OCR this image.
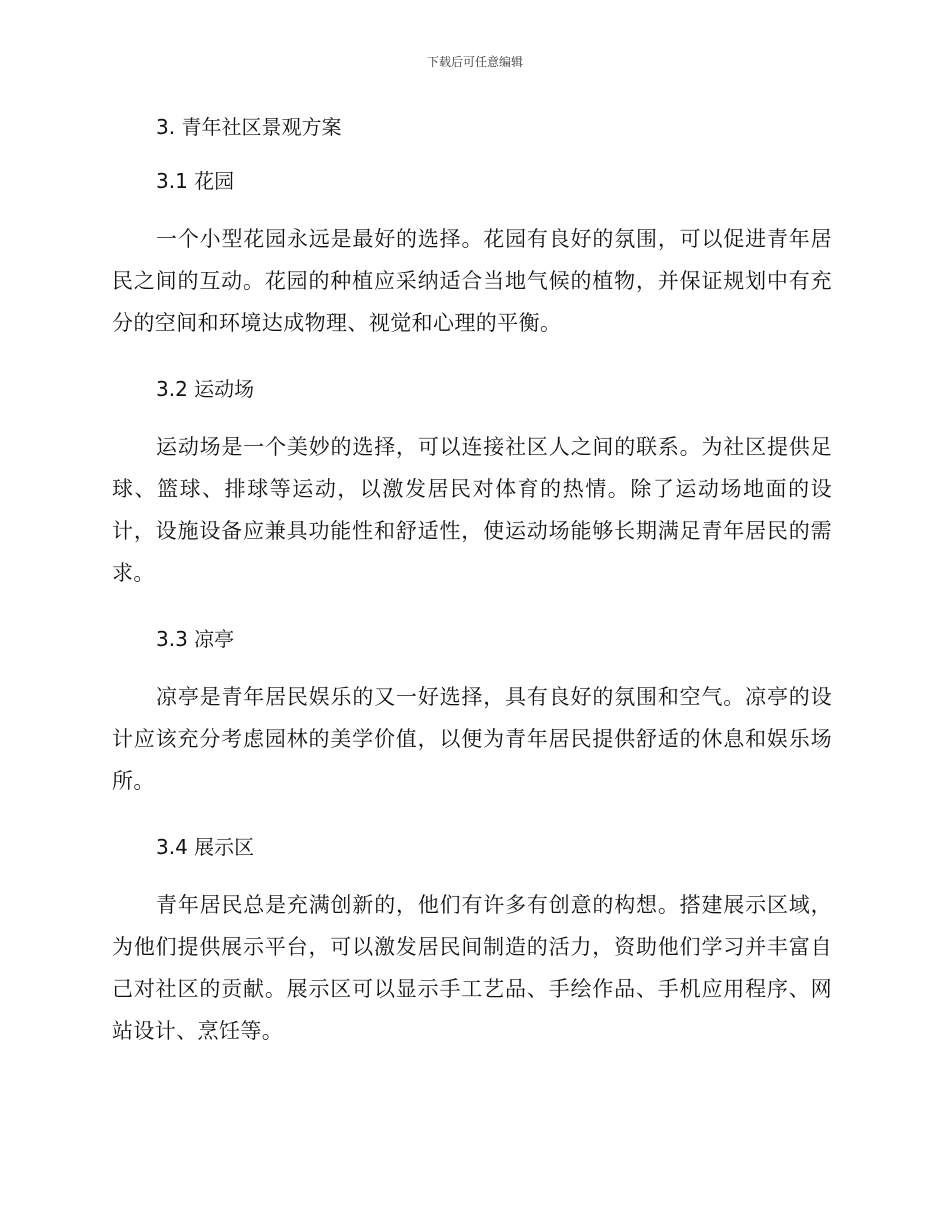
下载后可任意编辑
3. 青年社区景观方案
3.1 花园

一个小型花园永远是最好的选择。花园有良好的氛围，可以促进青年居民之间的互动。花园的种植应采纳适合当地气候的植物，并保证规划中有充分的空间和环境达成物理、视觉和心理的平衡。

3.2 运动场

运动场是一个美妙的选择，可以连接社区人之间的联系。为社区提供足球、篮球、排球等运动，以激发居民对体育的热情。除了运动场地面的设计，设施设备应兼具功能性和舒适性，使运动场能够长期满足青年居民的需求。

3.3 凉亭

凉亭是青年居民娱乐的又一好选择，具有良好的氛围和空气。凉亭的设计应该充分考虑园林的美学价值，以便为青年居民提供舒适的休息和娱乐场所。

3.4 展示区

青年居民总是充满创新的，他们有许多有创意的构想。搭建展示区域，为他们提供展示平台，可以激发居民间制造的活力，资助他们学习并丰富自己对社区的贡献。展示区可以显示手工艺品、手绘作品、手机应用程序、网站设计、烹饪等。
